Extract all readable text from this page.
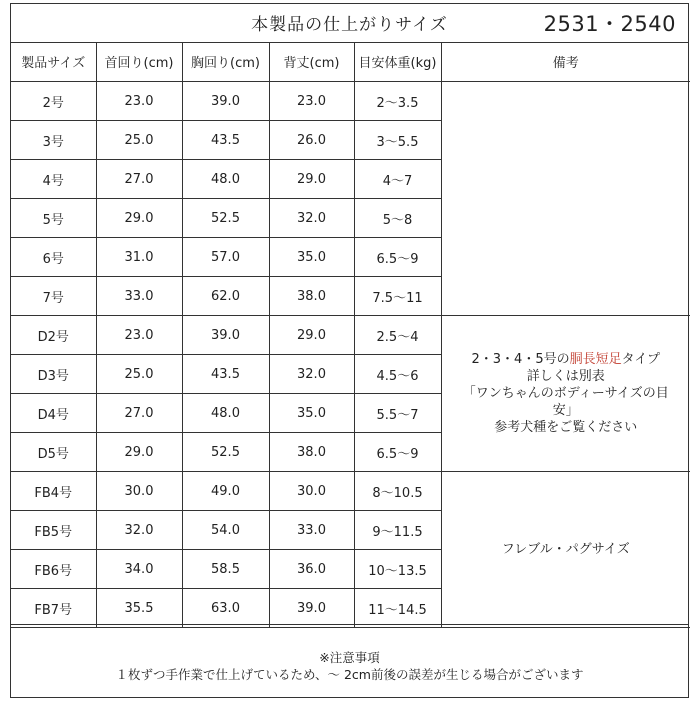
本製品の仕上がりサイズ	2531・2540
製品サイズ	首回り(cm)	胸回り(cm)	背丈(cm)	目安体重(kg)	備考
2号	23.0	39.0	23.0	2～3.5	
3号	25.0	43.5	26.0	3～5.5	
4号	27.0	48.0	29.0	4～7	
5号	29.0	52.5	32.0	5～8	
6号	31.0	57.0	35.0	6.5～9	
7号	33.0	62.0	38.0	7.5～11	
D2号	23.0	39.0	29.0	2.5～4	2・3・4・5号の胴長短足タイプ
詳しくは別表
「ワンちゃんのボディーサイズの目
安」
参考犬種をご覧ください

D3号	25.0	43.5	32.0	4.5～6	
D4号	27.0	48.0	35.0	5.5～7	
D5号	29.0	52.5	38.0	6.5～9	
FB4号	30.0	49.0	30.0	8～10.5	フレブル・パグサイズ
FB5号	32.0	54.0	33.0	9～11.5	
FB6号	34.0	58.5	36.0	10～13.5	
FB7号	35.5	63.0	39.0	11～14.5	
※注意事項
１枚ずつ手作業で仕上げているため、～ 2cm前後の誤差が生じる場合がございます
